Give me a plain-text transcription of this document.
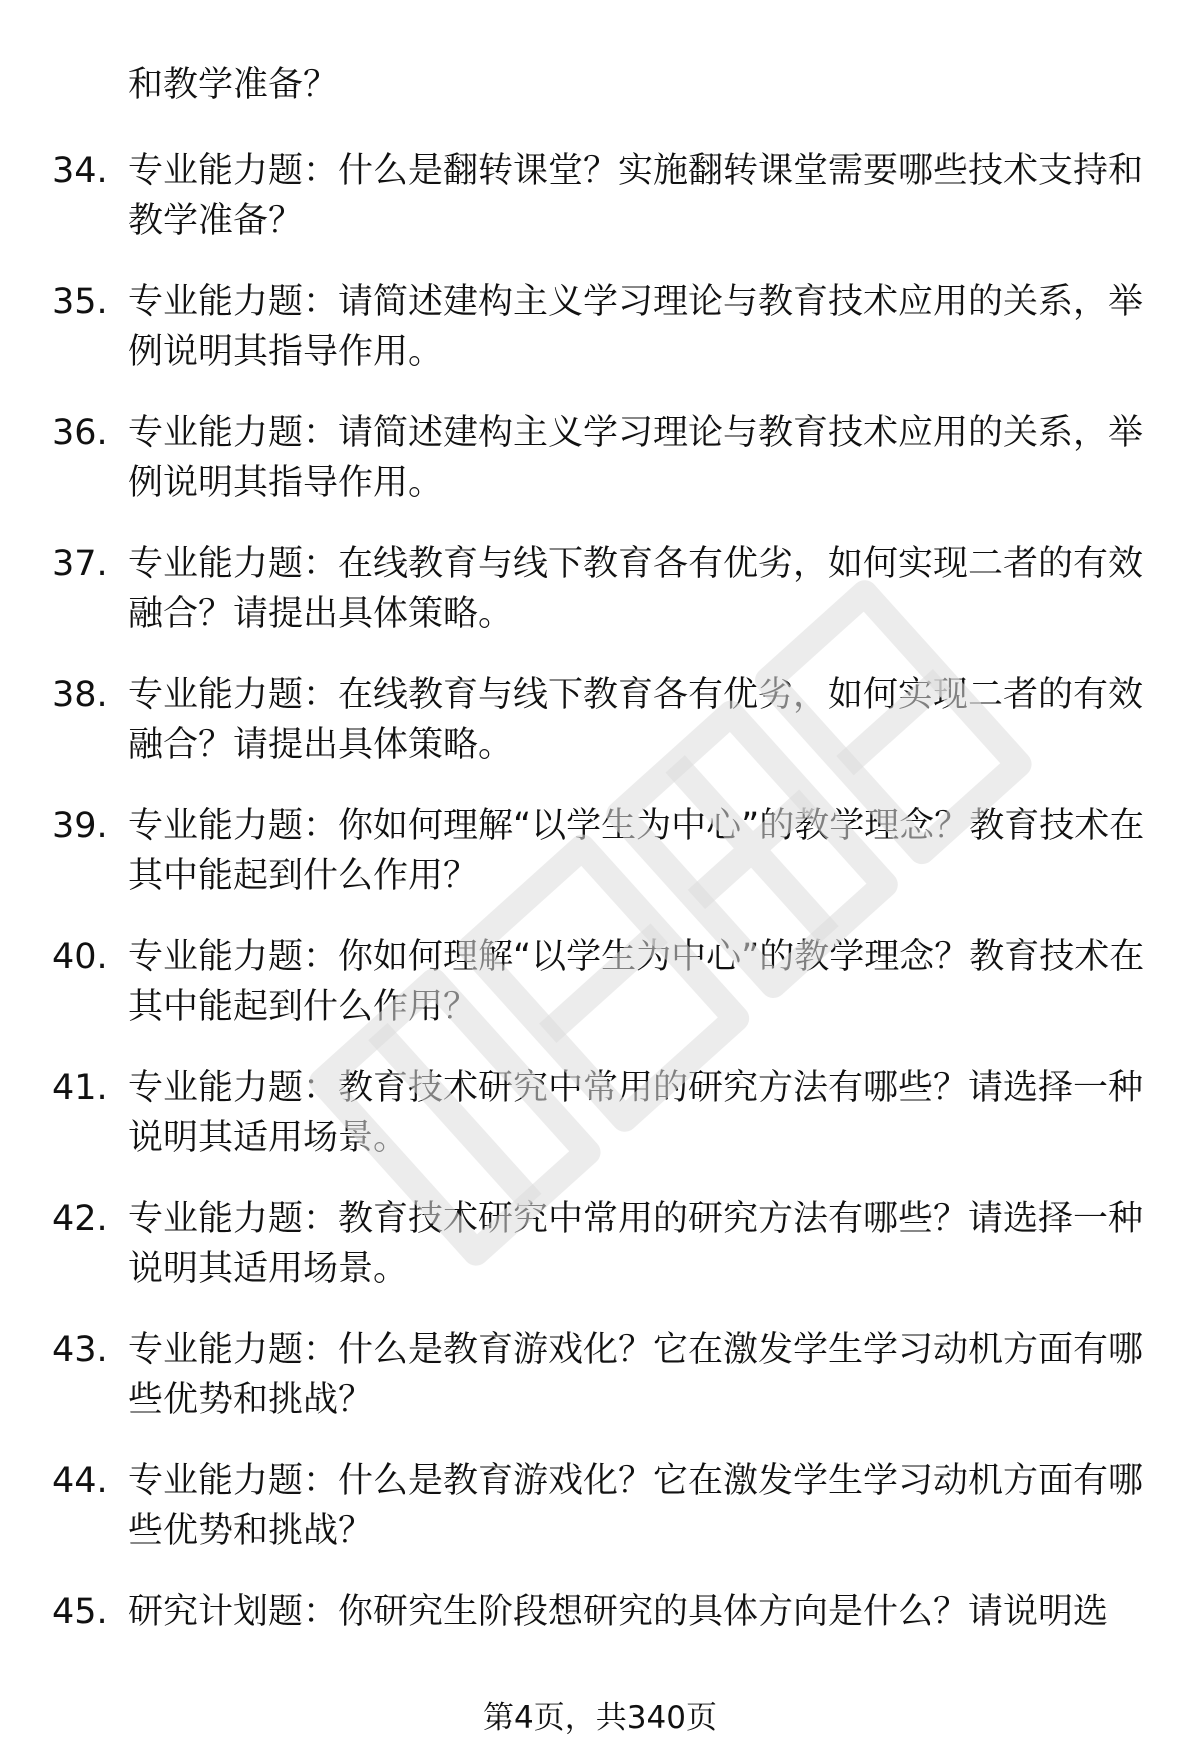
和教学准备？

34. 专业能力题：什么是翻转课堂？实施翻转课堂需要哪些技术支持和教学准备？

35. 专业能力题：请简述建构主义学习理论与教育技术应用的关系，举例说明其指导作用。

36. 专业能力题：请简述建构主义学习理论与教育技术应用的关系，举例说明其指导作用。

37. 专业能力题：在线教育与线下教育各有优劣，如何实现二者的有效融合？请提出具体策略。

38. 专业能力题：在线教育与线下教育各有优劣，如何实现二者的有效融合？请提出具体策略。

39. 专业能力题：你如何理解“以学生为中心”的教学理念？教育技术在其中能起到什么作用？

40. 专业能力题：你如何理解“以学生为中心”的教学理念？教育技术在其中能起到什么作用？

41. 专业能力题：教育技术研究中常用的研究方法有哪些？请选择一种说明其适用场景。

42. 专业能力题：教育技术研究中常用的研究方法有哪些？请选择一种说明其适用场景。

43. 专业能力题：什么是教育游戏化？它在激发学生学习动机方面有哪些优势和挑战？

44. 专业能力题：什么是教育游戏化？它在激发学生学习动机方面有哪些优势和挑战？

45. 研究计划题：你研究生阶段想研究的具体方向是什么？请说明选

第4页，共340页
